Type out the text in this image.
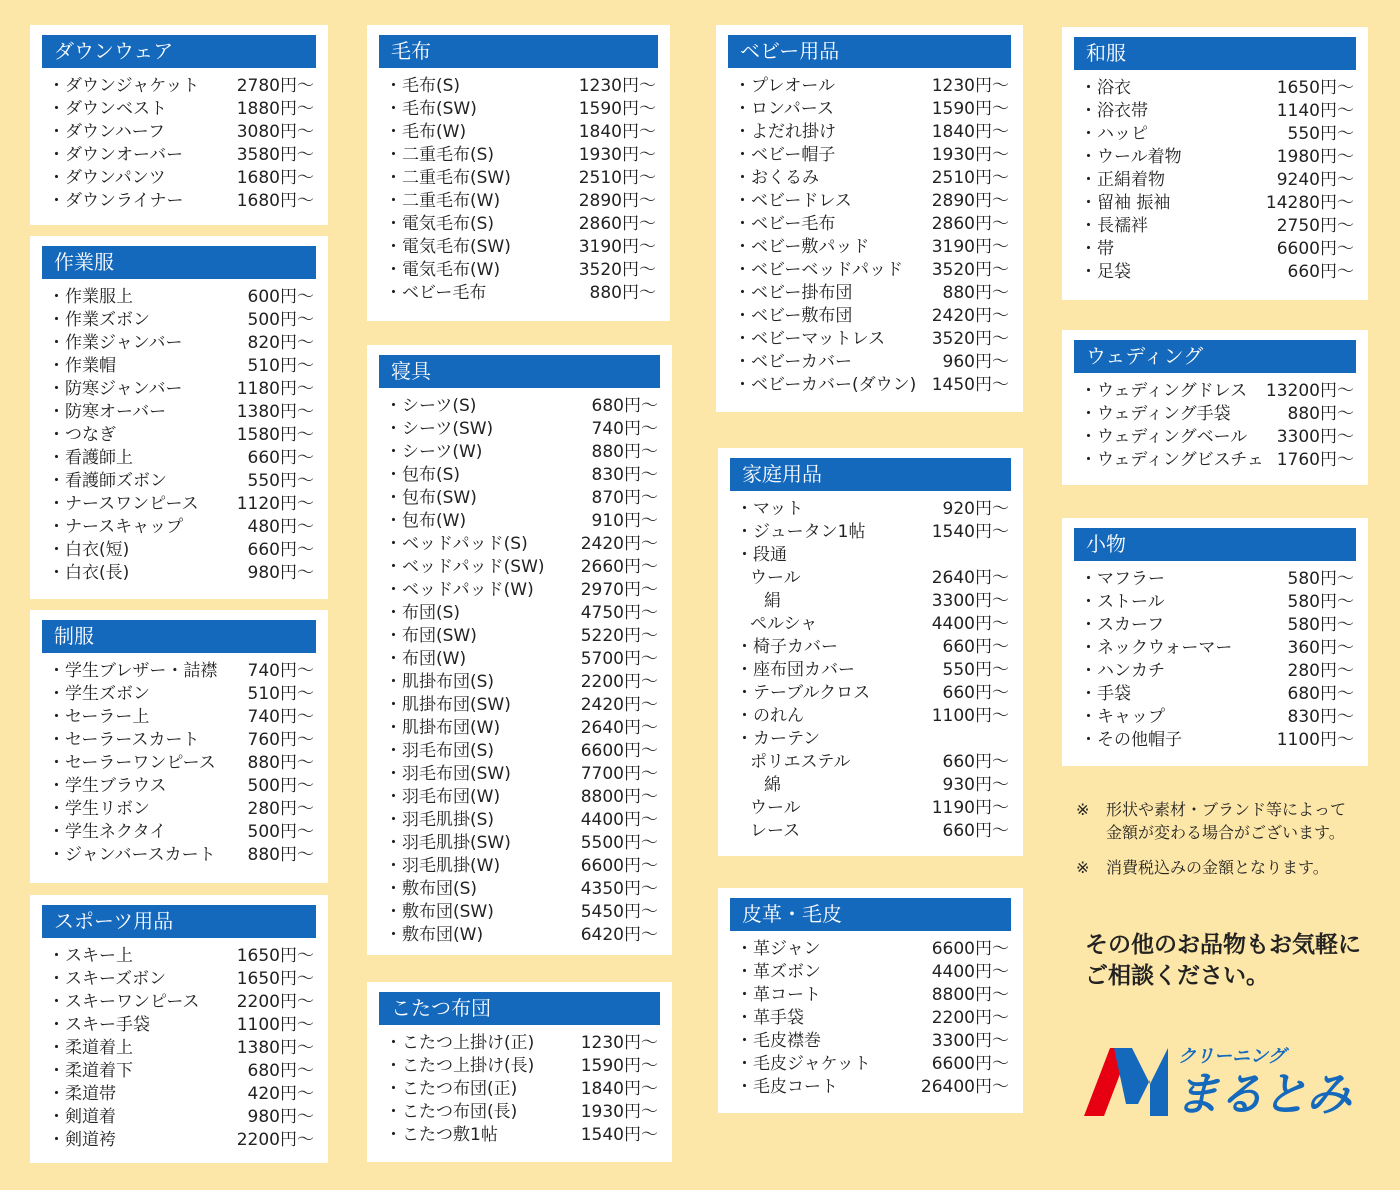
ダウンウェア
・ダウンジャケット 2780円〜
・ダウンベスト	1880円〜
・ダウンハーフ	3080円〜
・ダウンオーバー	3580円〜
・ダウンパンツ	1680円〜
・ダウンライナー	1680円〜
作業服
・作業服上	600円〜
・作業ズボン	500円〜
・作業ジャンバー	820円〜
・作業帽	510円〜
・防寒ジャンバー	1180円〜
・防寒オーバー	1380円〜
・つなぎ	1580円〜
・看護師上	660円〜
・看護師ズボン	550円〜
・ナースワンピース 1120円〜
・ナースキャップ	480円〜
・白衣(短)	660円〜
・白衣(長)	980円〜
制服
・学生ブレザー・詰襟 740円〜
・学生ズボン	510円〜
・セーラー上	740円〜
・セーラースカート	760円〜
・セーラーワンピース 880円〜
・学生ブラウス	500円〜
・学生リボン	280円〜
・学生ネクタイ	500円〜
・ジャンバースカート 880円〜
スポーツ用品
・スキー上	1650円〜
・スキーズボン	1650円〜
・スキーワンピース 2200円〜
・スキー手袋	1100円〜
・柔道着上	1380円〜
・柔道着下	680円〜
・柔道帯	420円〜
・剣道着	980円〜
・剣道袴	2200円〜
毛布
・毛布(S)	1230円〜
・毛布(SW)	1590円〜
・毛布(W)	1840円〜
・二重毛布(S)	1930円〜
・二重毛布(SW)	2510円〜
・二重毛布(W)	2890円〜
・電気毛布(S)	2860円〜
・電気毛布(SW)	3190円〜
・電気毛布(W)	3520円〜
・ベビー毛布	880円〜
寝具
・シーツ(S)	680円〜
・シーツ(SW)	740円〜
・シーツ(W)	880円〜
・包布(S)	830円〜
・包布(SW)	870円〜
・包布(W)	910円〜
・ベッドパッド(S)	2420円〜
・ベッドパッド(SW) 2660円〜
・ベッドパッド(W)	2970円〜
・布団(S)	4750円〜
・布団(SW)	5220円〜
・布団(W)	5700円〜
・肌掛布団(S)	2200円〜
・肌掛布団(SW)	2420円〜
・肌掛布団(W)	2640円〜
・羽毛布団(S)	6600円〜
・羽毛布団(SW)	7700円〜
・羽毛布団(W)	8800円〜
・羽毛肌掛(S)	4400円〜
・羽毛肌掛(SW)	5500円〜
・羽毛肌掛(W)	6600円〜
・敷布団(S)	4350円〜
・敷布団(SW)	5450円〜
・敷布団(W)	6420円〜
こたつ布団
・こたつ上掛け(正)	1230円〜
・こたつ上掛け(長)	1590円〜
・こたつ布団(正)	1840円〜
・こたつ布団(長)	1930円〜
・こたつ敷1帖	1540円〜
ベビー用品
・プレオール	1230円〜
・ロンパース	1590円〜
・よだれ掛け	1840円〜
・ベビー帽子	1930円〜
・おくるみ	2510円〜
・ベビードレス	2890円〜
・ベビー毛布	2860円〜
・ベビー敷パッド	3190円〜
・ベビーベッドパッド 3520円〜
・ベビー掛布団	880円〜
・ベビー敷布団	2420円〜
・ベビーマットレス	3520円〜
・ベビーカバー	960円〜
・ベビーカバー(ダウン) 1450円〜
家庭用品
・マット	920円〜
・ジュータン1帖	1540円〜
・段通
ウール	2640円〜
絹	3300円〜
ペルシャ	4400円〜
・椅子カバー	660円〜
・座布団カバー	550円〜
・テーブルクロス	660円〜
・のれん	1100円〜
・カーテン
ポリエステル	660円〜
綿	930円〜
ウール	1190円〜
レース	660円〜
皮革・毛皮
・革ジャン	6600円〜
・革ズボン	4400円〜
・革コート	8800円〜
・革手袋	2200円〜
・毛皮襟巻	3300円〜
・毛皮ジャケット	6600円〜
・毛皮コート	26400円〜
和服
・浴衣	1650円〜
・浴衣帯	1140円〜
・ハッピ	550円〜
・ウール着物	1980円〜
・正絹着物	9240円〜
・留袖 振袖	14280円〜
・長襦袢	2750円〜
・帯	6600円〜
・足袋	660円〜
ウェディング
・ウェディングドレス 13200円〜
・ウェディング手袋	880円〜
・ウェディングベール 3300円〜
・ウェディングビスチェ 1760円〜
小物
・マフラー	580円〜
・ストール	580円〜
・スカーフ	580円〜
・ネックウォーマー	360円〜
・ハンカチ	280円〜
・手袋	680円〜
・キャップ	830円〜
・その他帽子	1100円〜
※ 形状や素材・ブランド等によって
金額が変わる場合がございます。
※ 消費税込みの金額となります。
その他のお品物もお気軽に
ご相談ください。
クリーニング
まるとみ
